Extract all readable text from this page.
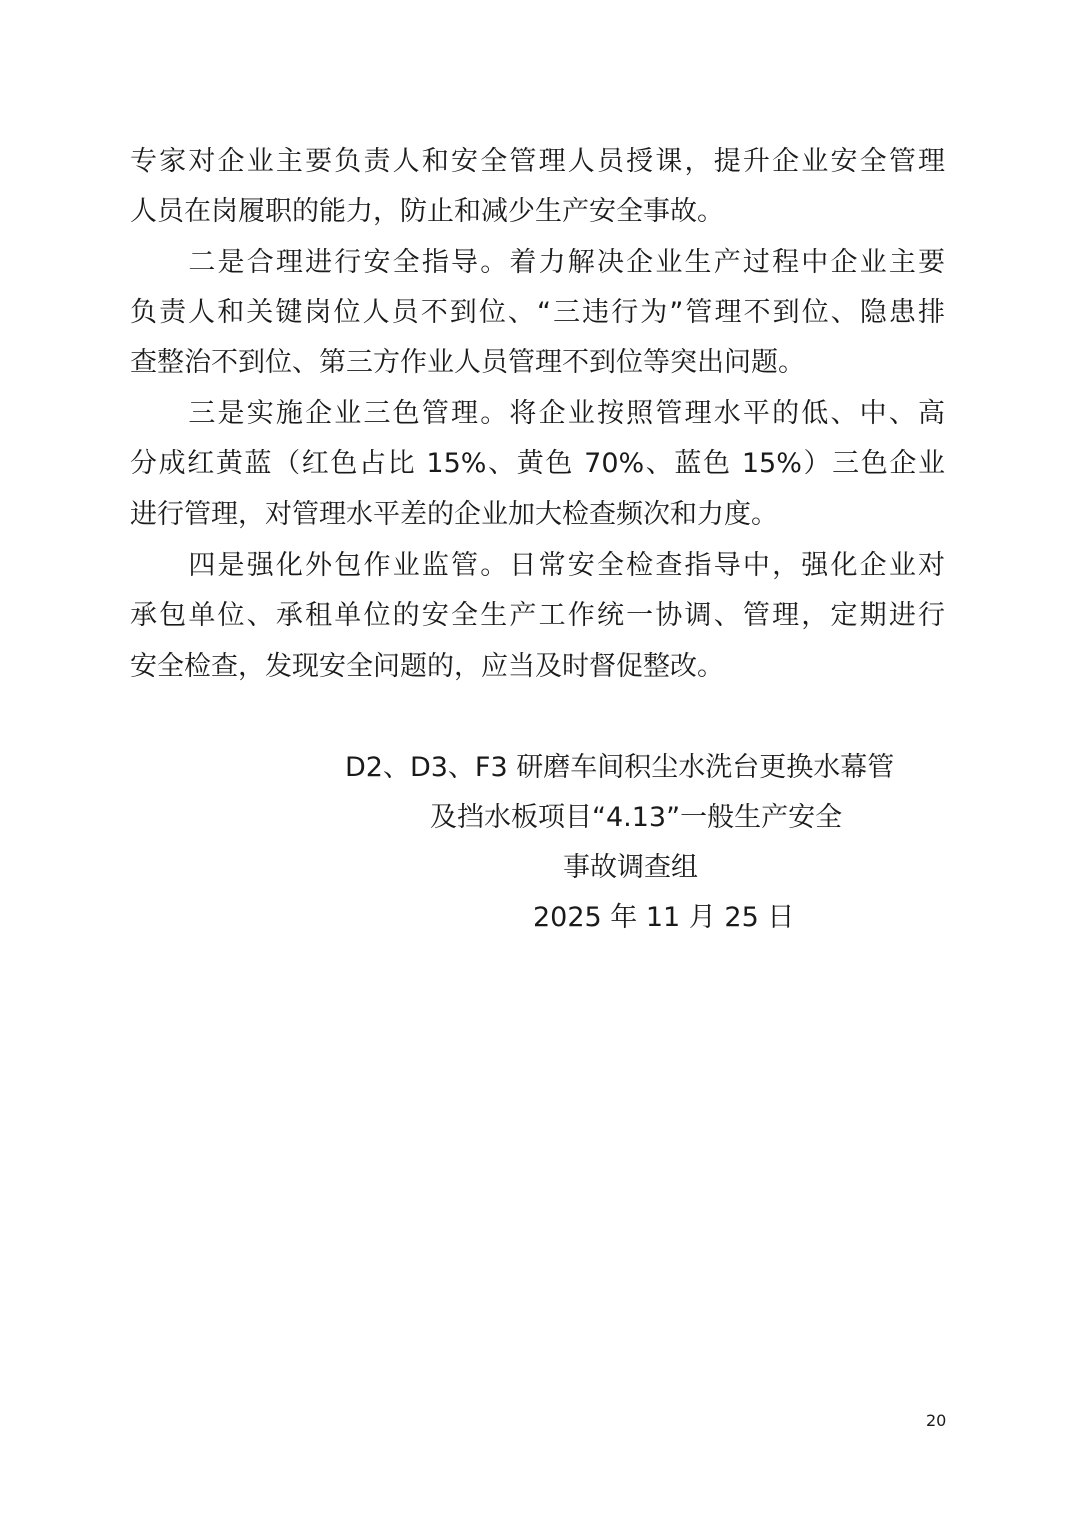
专家对企业主要负责人和安全管理人员授课，提升企业安全管理
人员在岗履职的能力，防止和减少生产安全事故。
　　二是合理进行安全指导。着力解决企业生产过程中企业主要
负责人和关键岗位人员不到位、“三违行为”管理不到位、隐患排
查整治不到位、第三方作业人员管理不到位等突出问题。
　　三是实施企业三色管理。将企业按照管理水平的低、中、高
分成红黄蓝（红色占比 15%、黄色 70%、蓝色 15%）三色企业
进行管理，对管理水平差的企业加大检查频次和力度。
　　四是强化外包作业监管。日常安全检查指导中，强化企业对
承包单位、承租单位的安全生产工作统一协调、管理，定期进行
安全检查，发现安全问题的，应当及时督促整改。
D2、D3、F3 研磨车间积尘水洗台更换水幕管
及挡水板项目“4.13”一般生产安全
事故调查组
2025 年 11 月 25 日
20
